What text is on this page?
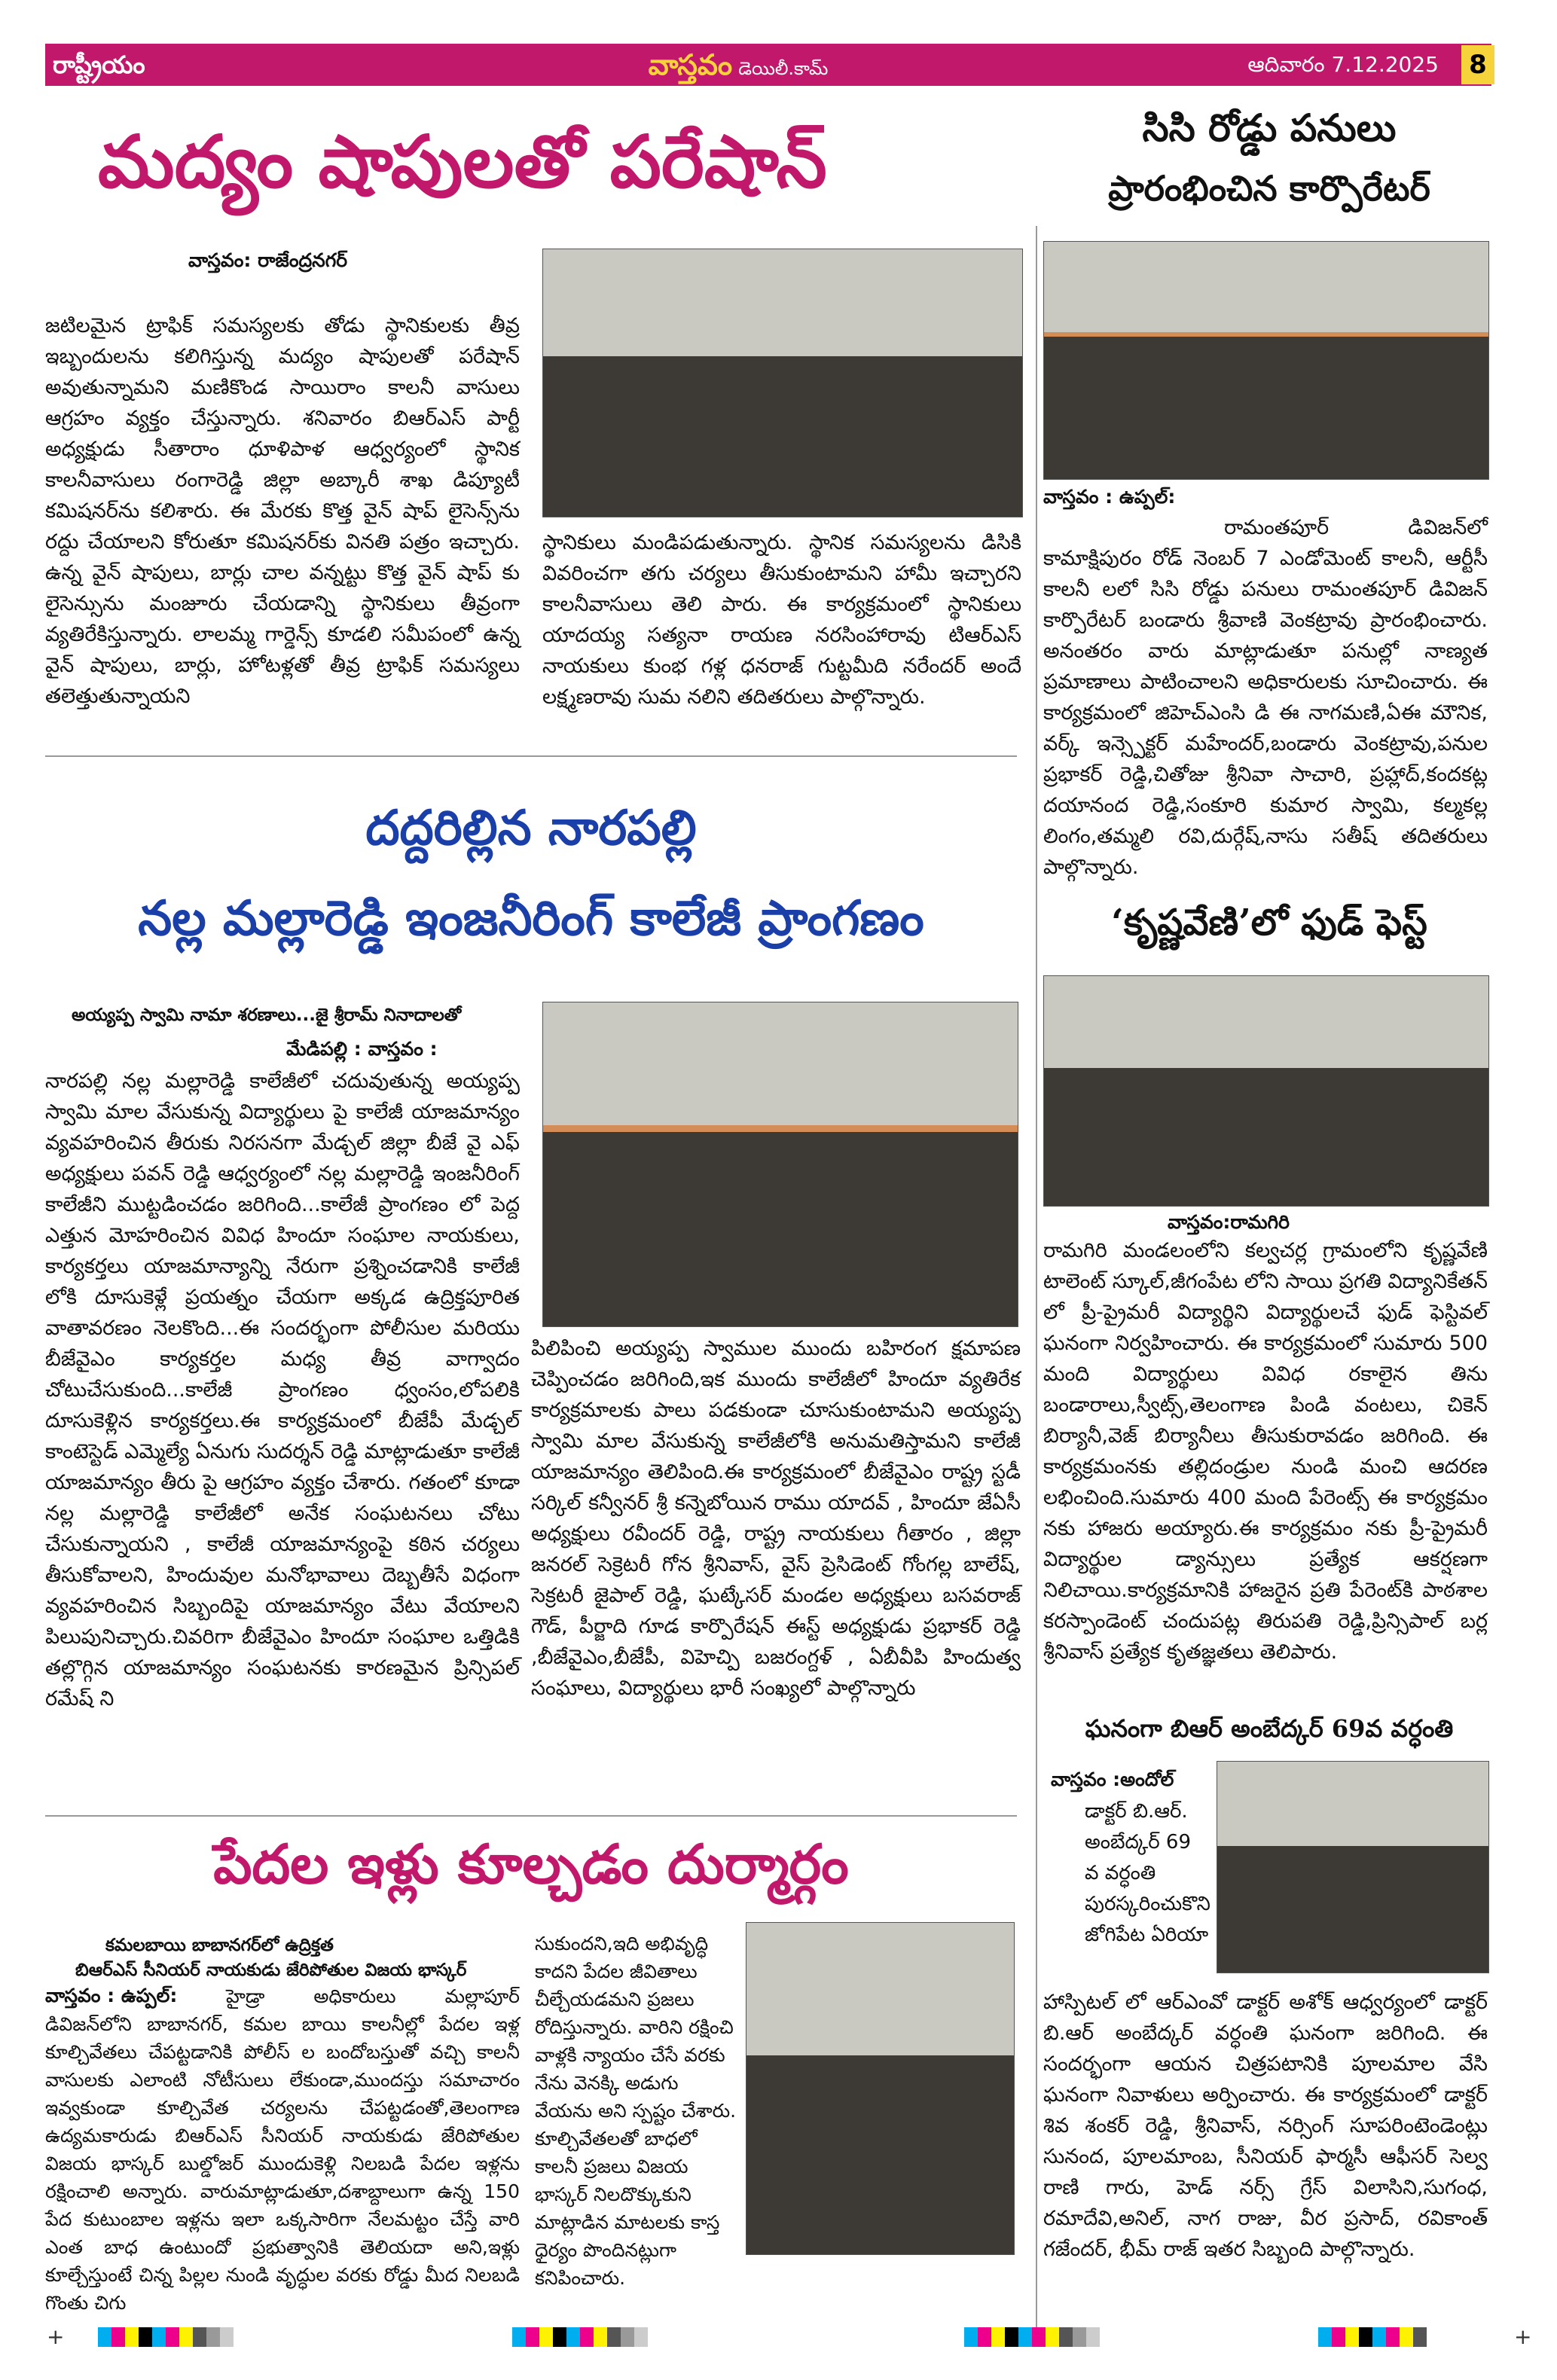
రాష్ట్రీయం	వాస్తవం డెయిలీ.కామ్	ఆదివారం 7.12.2025 8
మద్యం షాపులతో పరేషాన్
వాస్తవం: రాజేంద్రనగర్
జటిలమైన ట్రాఫిక్ సమస్యలకు తోడు స్థానికులకు తీవ్ర ఇబ్బందులను కలిగిస్తున్న మద్యం షాపులతో పరేషాన్ అవుతున్నామని మణికొండ సాయిరాం కాలనీ వాసులు ఆగ్రహం వ్యక్తం చేస్తున్నారు. శనివారం బిఆర్ఎస్ పార్టీ అధ్యక్షుడు సీతారాం ధూళిపాళ ఆధ్వర్యంలో స్థానిక కాలనీవాసులు రంగారెడ్డి జిల్లా అబ్కారీ శాఖ డిప్యూటీ కమిషనర్‌ను కలిశారు. ఈ మేరకు కొత్త వైన్ షాప్ లైసెన్స్‌ను రద్దు చేయాలని కోరుతూ కమిషనర్‌కు వినతి పత్రం ఇచ్చారు. ఉన్న వైన్ షాపులు, బార్లు చాల వన్నట్టు కొత్త వైన్ షాప్ కు లైసెన్సును మంజూరు చేయడాన్ని స్థానికులు తీవ్రంగా వ్యతిరేకిస్తున్నారు. లాలమ్మ గార్డెన్స్ కూడలి సమీపంలో ఉన్న వైన్ షాపులు, బార్లు, హోటళ్లతో తీవ్ర ట్రాఫిక్ సమస్యలు తలెత్తుతున్నాయని
స్థానికులు మండిపడుతున్నారు. స్థానిక సమస్యలను డిసికి వివరించగా తగు చర్యలు తీసుకుంటామని హామీ ఇచ్చారని కాలనీవాసులు తెలి పారు. ఈ కార్యక్రమంలో స్థానికులు యాదయ్య సత్యనా రాయణ నరసింహారావు టిఆర్ఎస్ నాయకులు కుంభ గళ్ల ధనరాజ్ గుట్టమీది నరేందర్ అందే లక్ష్మణరావు సుమ నలిని తదితరులు పాల్గొన్నారు.
సిసి రోడ్డు పనులు
ప్రారంభించిన కార్పొరేటర్
వాస్తవం : ఉప్పల్:
రామంతపూర్ డివిజన్‌లో కామాక్షిపురం రోడ్ నెంబర్ 7 ఎండోమెంట్ కాలనీ, ఆర్టీసీ కాలనీ లలో సిసి రోడ్డు పనులు రామంతపూర్ డివిజన్ కార్పొరేటర్ బండారు శ్రీవాణి వెంకట్రావు ప్రారంభించారు. అనంతరం వారు మాట్లాడుతూ పనుల్లో నాణ్యత ప్రమాణాలు పాటించాలని అధికారులకు సూచించారు. ఈ కార్యక్రమంలో జిహెచ్ఎంసి డి ఈ నాగమణి,ఏఈ మౌనిక, వర్క్ ఇన్స్పెక్టర్ మహేందర్,బండారు వెంకట్రావు,పనుల ప్రభాకర్ రెడ్డి,చితోజు శ్రీనివా సాచారి, ప్రహ్లాద్,కందకట్ల దయానంద రెడ్డి,సంకూరి కుమార స్వామి, కల్మకల్ల లింగం,తమ్మలి రవి,దుర్గేష్,నాసు సతీష్ తదితరులు పాల్గొన్నారు.
దద్దరిల్లిన నారపల్లి
నల్ల మల్లారెడ్డి ఇంజనీరింగ్ కాలేజీ ప్రాంగణం
అయ్యప్ప స్వామి నామా శరణాలు...జై శ్రీరామ్ నినాదాలతో
మేడిపల్లి : వాస్తవం :
నారపల్లి నల్ల మల్లారెడ్డి కాలేజీలో చదువుతున్న అయ్యప్ప స్వామి మాల వేసుకున్న విద్యార్థులు పై కాలేజీ యాజమాన్యం వ్యవహరించిన తీరుకు నిరసనగా మేడ్చల్ జిల్లా బీజే వై ఎఫ్ అధ్యక్షులు పవన్ రెడ్డి ఆధ్వర్యంలో నల్ల మల్లారెడ్డి ఇంజనీరింగ్ కాలేజీని ముట్టడించడం జరిగింది...కాలేజీ ప్రాంగణం లో పెద్ద ఎత్తున మోహరించిన వివిధ హిందూ సంఘాల నాయకులు, కార్యకర్తలు యాజమాన్యాన్ని నేరుగా ప్రశ్నించడానికి కాలేజీ లోకి దూసుకెళ్లే ప్రయత్నం చేయగా అక్కడ ఉద్రిక్తపూరిత వాతావరణం నెలకొంది...ఈ సందర్భంగా పోలీసుల మరియు బీజేవైఎం కార్యకర్తల మధ్య తీవ్ర వాగ్వాదం చోటుచేసుకుంది...కాలేజీ ప్రాంగణం ధ్వంసం,లోపలికి దూసుకెళ్లిన కార్యకర్తలు.ఈ కార్యక్రమంలో బీజేపీ మేడ్చల్ కాంటెస్టెడ్ ఎమ్మెల్యే ఏనుగు సుదర్శన్ రెడ్డి మాట్లాడుతూ కాలేజీ యాజమాన్యం తీరు పై ఆగ్రహం వ్యక్తం చేశారు. గతంలో కూడా నల్ల మల్లారెడ్డి కాలేజీలో అనేక సంఘటనలు చోటు చేసుకున్నాయని , కాలేజీ యాజమాన్యంపై కఠిన చర్యలు తీసుకోవాలని, హిందువుల మనోభావాలు దెబ్బతీసే విధంగా వ్యవహరించిన సిబ్బందిపై యాజమాన్యం వేటు వేయాలని పిలుపునిచ్చారు.చివరిగా బీజేవైఎం హిందూ సంఘాల ఒత్తిడికి తల్లొగ్గిన యాజమాన్యం సంఘటనకు కారణమైన ప్రిన్సిపల్ రమేష్ ని
పిలిపించి అయ్యప్ప స్వాముల ముందు బహిరంగ క్షమాపణ చెప్పించడం జరిగింది,ఇక ముందు కాలేజీలో హిందూ వ్యతిరేక కార్యక్రమాలకు పాలు పడకుండా చూసుకుంటామని అయ్యప్ప స్వామి మాల వేసుకున్న కాలేజీలోకి అనుమతిస్తామని కాలేజీ యాజమాన్యం తెలిపింది.ఈ కార్యక్రమంలో బీజేవైఎం రాష్ట్ర స్టడీ సర్కిల్ కన్వీనర్ శ్రీ కన్నెబోయిన రాము యాదవ్ , హిందూ జేఏసీ అధ్యక్షులు రవీందర్ రెడ్డి, రాష్ట్ర నాయకులు గీతారం , జిల్లా జనరల్ సెక్రెటరీ గోన శ్రీనివాస్, వైస్ ప్రెసిడెంట్ గోంగల్ల బాలేష్, సెక్రటరీ జైపాల్ రెడ్డి, ఘట్కేసర్ మండల అధ్యక్షులు బసవరాజ్ గౌడ్, పీర్జాది గూడ కార్పొరేషన్ ఈస్ట్ అధ్యక్షుడు ప్రభాకర్ రెడ్డి ,బీజేవైఎం,బీజేపీ, విహెచ్పి బజరంగ్దళ్ , ఏబీవీపి హిందుత్వ సంఘాలు, విద్యార్థులు భారీ సంఖ్యలో పాల్గొన్నారు
‘కృష్ణవేణి’లో ఫుడ్ ఫెస్ట్
వాస్తవం:రామగిరి
రామగిరి మండలంలోని కల్వచర్ల గ్రామంలోని కృష్ణవేణి టాలెంట్ స్కూల్,జీగంపేట లోని సాయి ప్రగతి విద్యానికేతన్ లో ప్రీ-ప్రైమరీ విద్యార్థిని విద్యార్థులచే ఫుడ్ ఫెస్టివల్ ఘనంగా నిర్వహించారు. ఈ కార్యక్రమంలో సుమారు 500 మంది విద్యార్థులు వివిధ రకాలైన తిను బండారాలు,స్వీట్స్,తెలంగాణ పిండి వంటలు, చికెన్ బిర్యానీ,వెజ్ బిర్యానీలు తీసుకురావడం జరిగింది. ఈ కార్యక్రమంనకు తల్లిదండ్రుల నుండి మంచి ఆదరణ లభించింది.సుమారు 400 మంది పేరెంట్స్ ఈ కార్యక్రమం నకు హాజరు అయ్యారు.ఈ కార్యక్రమం నకు ప్రీ-ప్రైమరీ విద్యార్థుల డ్యాన్సులు ప్రత్యేక ఆకర్షణగా నిలిచాయి.కార్యక్రమానికి హాజరైన ప్రతి పేరెంట్‌కి పాఠశాల కరస్పాండెంట్ చందుపట్ల తిరుపతి రెడ్డి,ప్రిన్సిపాల్ బర్ల శ్రీనివాస్ ప్రత్యేక కృతజ్ఞతలు తెలిపారు.
ఘనంగా బిఆర్ అంబేద్కర్ 69వ వర్ధంతి
వాస్తవం :అందోల్
డాక్టర్ బి.ఆర్. అంబేద్కర్ 69 వ వర్ధంతి పురస్కరించుకొని జోగిపేట ఏరియా
హాస్పిటల్ లో ఆర్ఎంవో డాక్టర్ అశోక్ ఆధ్వర్యంలో డాక్టర్ బి.ఆర్ అంబేద్కర్ వర్ధంతి ఘనంగా జరిగింది. ఈ సందర్భంగా ఆయన చిత్రపటానికి పూలమాల వేసి ఘనంగా నివాళులు అర్పించారు. ఈ కార్యక్రమంలో డాక్టర్ శివ శంకర్ రెడ్డి, శ్రీనివాస్, నర్సింగ్ సూపరింటెండెంట్లు సునంద, పూలమాంబ, సీనియర్ ఫార్మసీ ఆఫీసర్ సెల్వ రాణి గారు, హెడ్ నర్స్ గ్రేస్ విలాసిని,సుగంధ, రమాదేవి,అనిల్, నాగ రాజు, వీర ప్రసాద్, రవికాంత్ గజేందర్, భీమ్ రాజ్ ఇతర సిబ్బంది పాల్గొన్నారు.
పేదల ఇళ్లు కూల్చడం దుర్మార్గం
కమలబాయి బాబానగర్‌లో ఉద్రిక్తత
బిఆర్ఎస్ సీనియర్ నాయకుడు జేరిపోతుల విజయ భాస్కర్
వాస్తవం : ఉప్పల్:	హైడ్రా అధికారులు మల్లాపూర్ డివిజన్‌లోని బాబానగర్, కమల బాయి కాలనీల్లో పేదల ఇళ్ల కూల్చివేతలు చేపట్టడానికి పోలీస్ ల బందోబస్తుతో వచ్చి కాలనీ వాసులకు ఎలాంటి నోటీసులు లేకుండా,ముందస్తు సమాచారం ఇవ్వకుండా కూల్చివేత చర్యలను చేపట్టడంతో,తెలంగాణ ఉద్యమకారుడు బిఆర్ఎస్ సీనియర్ నాయకుడు జేరిపోతుల విజయ భాస్కర్ బుల్డోజర్ ముందుకెళ్లి నిలబడి పేదల ఇళ్లను రక్షించాలి అన్నారు. వారుమాట్లాడుతూ,దశాబ్దాలుగా ఉన్న 150 పేద కుటుంబాల ఇళ్లను ఇలా ఒక్కసారిగా నేలమట్టం చేస్తే వారి ఎంత బాధ ఉంటుందో ప్రభుత్వానికి తెలియదా అని,ఇళ్లు కూల్చేస్తుంటే చిన్న పిల్లల నుండి వృద్ధుల వరకు రోడ్డు మీద నిలబడి గొంతు చిగు
సుకుందని,ఇది అభివృద్ధి కాదని పేదల జీవితాలు చీల్చేయడమని ప్రజలు రోదిస్తున్నారు. వారిని రక్షించి వాళ్లకి న్యాయం చేసే వరకు నేను వెనక్కి అడుగు వేయను అని స్పష్టం చేశారు. కూల్చివేతలతో బాధలో కాలనీ ప్రజలు విజయ భాస్కర్ నిలదొక్కుకుని మాట్లాడిన మాటలకు కాస్త ధైర్యం పొందినట్లుగా కనిపించారు.
+	+
